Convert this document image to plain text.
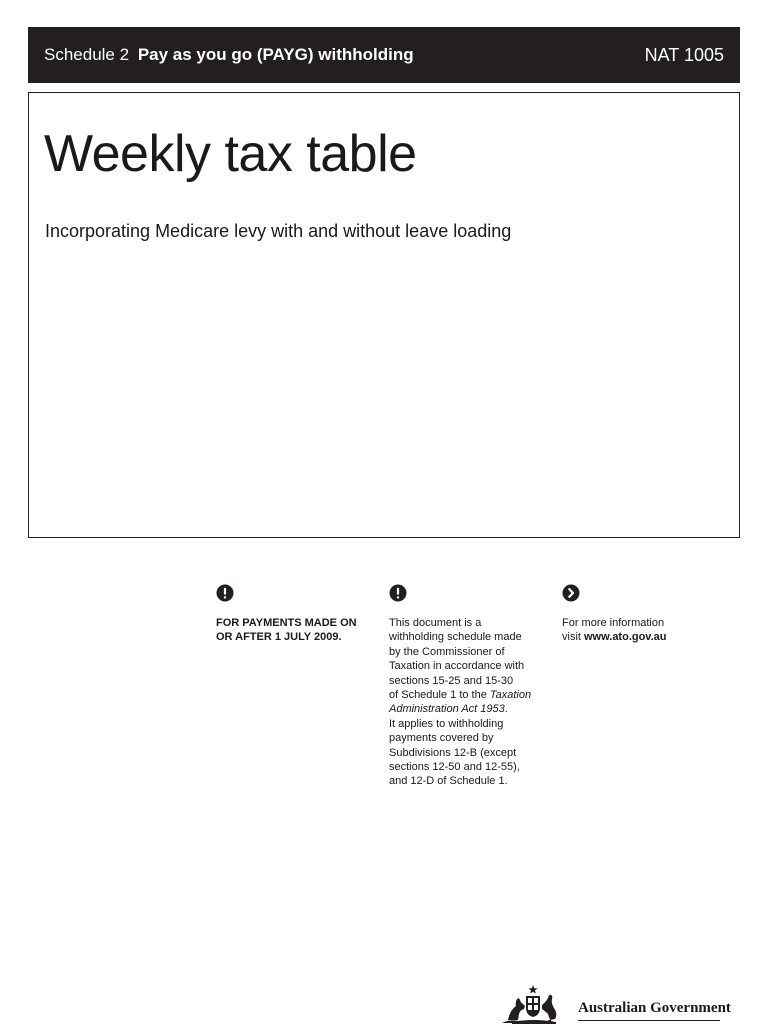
Schedule 2 Pay as you go (PAYG) withholding	NAT 1005
Weekly tax table

Incorporating Medicare levy with and without leave loading

FOR PAYMENTS MADE ON
OR AFTER 1 JULY 2009.
This document is a
withholding schedule made
by the Commissioner of
Taxation in accordance with
sections 15-25 and 15-30
of Schedule 1 to the Taxation
Administration Act 1953.
It applies to withholding
payments covered by
Subdivisions 12-B (except
sections 12-50 and 12-55),
and 12-D of Schedule 1.
For more information
visit www.ato.gov.au
Australian Government
